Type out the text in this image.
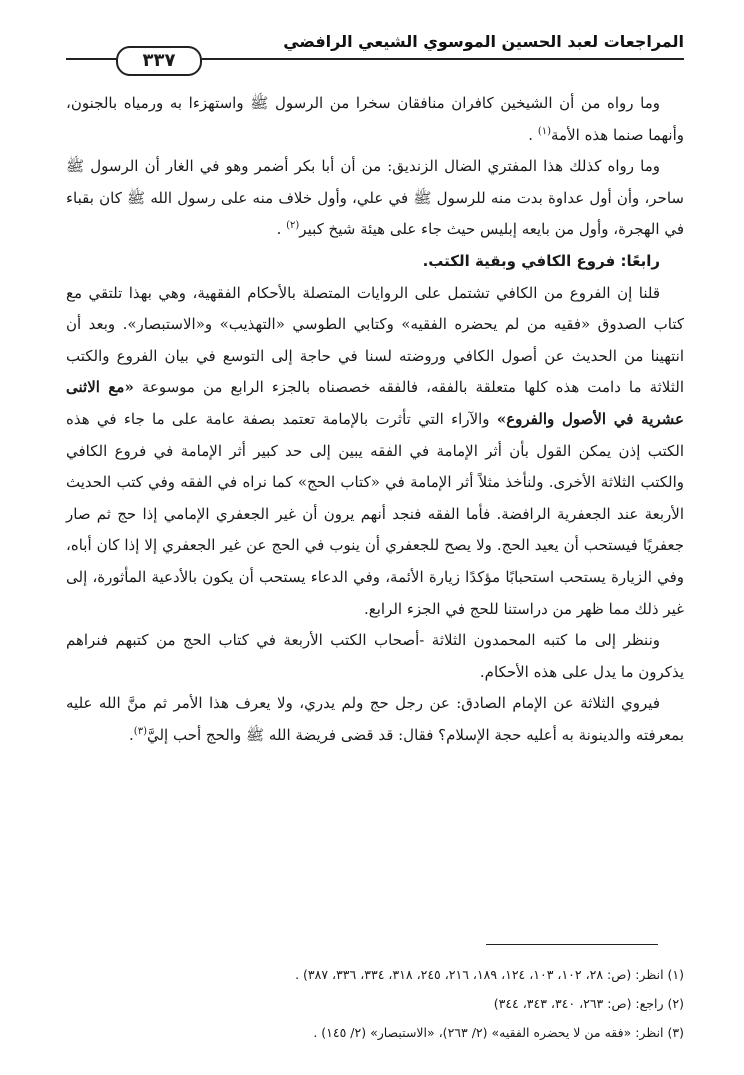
المراجعات لعبد الحسين الموسوي الشيعي الرافضي
٣٣٧

وما رواه من أن الشيخين كافران منافقان سخرا من الرسول ﷺ واستهزءا به ورمياه بالجنون، وأنهما صنما هذه الأمة$^{(١)}$ .

وما رواه كذلك هذا المفتري الضال الزنديق: من أن أبا بكر أضمر وهو في الغار أن الرسول ﷺ ساحر، وأن أول عداوة بدت منه للرسول ﷺ في علي، وأول خلاف منه على رسول الله ﷺ كان بقباء في الهجرة، وأول من بايعه إبليس حيث جاء على هيئة شيخ كبير$^{(٢)}$ .

رابعًا: فروع الكافي وبقية الكتب.

قلنا إن الفروع من الكافي تشتمل على الروايات المتصلة بالأحكام الفقهية، وهي بهذا تلتقي مع كتاب الصدوق «فقيه من لم يحضره الفقيه» وكتابي الطوسي «التهذيب» و«الاستبصار». وبعد أن انتهينا من الحديث عن أصول الكافي وروضته لسنا في حاجة إلى التوسع في بيان الفروع والكتب الثلاثة ما دامت هذه كلها متعلقة بالفقه، فالفقه خصصناه بالجزء الرابع من موسوعة «مع الاثنى عشرية في الأصول والفروع» والآراء التي تأثرت بالإمامة تعتمد بصفة عامة على ما جاء في هذه الكتب إذن يمكن القول بأن أثر الإمامة في الفقه يبين إلى حد كبير أثر الإمامة في فروع الكافي والكتب الثلاثة الأخرى. ولنأخذ مثلاً أثر الإمامة في «كتاب الحج» كما نراه في الفقه وفي كتب الحديث الأربعة عند الجعفرية الرافضة. فأما الفقه فنجد أنهم يرون أن غير الجعفري الإمامي إذا حج ثم صار جعفريًا فيستحب أن يعيد الحج. ولا يصح للجعفري أن ينوب في الحج عن غير الجعفري إلا إذا كان أباه، وفي الزيارة يستحب استحبابًا مؤكدًا زيارة الأئمة، وفي الدعاء يستحب أن يكون بالأدعية المأثورة، إلى غير ذلك مما ظهر من دراستنا للحج في الجزء الرابع.

وننظر إلى ما كتبه المحمدون الثلاثة -أصحاب الكتب الأربعة في كتاب الحج من كتبهم فنراهم يذكرون ما يدل على هذه الأحكام.

فيروي الثلاثة عن الإمام الصادق: عن رجل حج ولم يدري، ولا يعرف هذا الأمر ثم منَّ الله عليه بمعرفته والدينونة به أعليه حجة الإسلام؟ فقال: قد قضى فريضة الله ﷺ والحج أحب إليَّ$^{(٣)}$.

(١) انظر: (ص: ٢٨، ١٠٢، ١٠٣، ١٢٤، ١٨٩، ٢١٦، ٢٤٥، ٣١٨، ٣٣٤، ٣٣٦، ٣٨٧) .

(٢) راجع: (ص: ٢٦٣، ٣٤٠، ٣٤٣، ٣٤٤)

(٣) انظر: «فقه من لا يحضره الفقيه» (٢/ ٢٦٣)، «الاستبصار» (٢/ ١٤٥) .
